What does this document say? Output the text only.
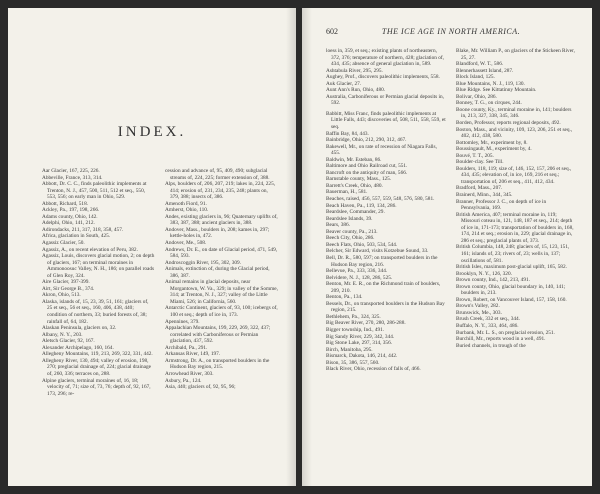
INDEX.

Aar Glacier, 167, 225, 226.

Abbeville, France, 313, 314.

Abbott, Dr. C. C., finds paleolithic implements at Trenton, N. J., 457, 500, 511, 512 et seq., 550, 553, 556; on early man in Ohio, 529.

Abbott, Richard, 518.

Ackley, Pa., 197, 198, 266.

Adams county, Ohio, 142.

Adelphi, Ohio, 141, 212.

Adirondacks, 211, 317, 318, 358, 457.

Africa, glaciation in South, 425.

Agassiz Glacier, 50.

Agassiz, A., on recent elevation of Peru, 382.

Agassiz, Louis, discovers glacial motion, 2; on depth of glaciers, 167; on terminal moraines in Ammonoosuc Valley, N. H., 186; on parallel roads of Glen Roy, 324.

Aire Glacier, 397-399.

Airt, Sir George B., 374.

Akron, Ohio, 513.

Alaska, islands of, 15, 23, 39, 51, 161; glaciers of, 25 et seq., 56 et seq., 160, 406, 438, 440; condition of northern, 33; buried forests of, 38; rainfall of, 64, 182.

Alaskan Peninsula, glaciers on, 32.

Albany, N. Y., 203.

Aletsch Glacier, 92, 167.

Alexander Archipelago, 160, 164.

Allegheny Mountains, 119, 213, 269, 322, 331, 442.

Allegheny River, 130, 494; valley of erosion, 198, 270; preglacial drainage of, 224; glacial drainage of, 260, 336; terraces on, 288.

Alpine glaciers, terminal moraines of, 16, 18; velocity of, 71; size of, 73, 76; depth of, 92, 167, 173, 296; re-

cession and advance of, 95, 409, 490; subglacial streams of, 224, 225; former extension of, 388.

Alps, boulders of, 206, 207, 219; lakes in, 224, 225, 414; erosion of, 231, 234, 235, 248; plants on, 379, 388; insects of, 386.

Amenoth Fiord, 91.

Amherst, Ohio, 110.

Andes, existing glaciers in, 96; Quaternary uplifts of, 383, 387, 388; ancient glaciers in, 388.

Andover, Mass., boulders in, 208; kames in, 297; kettle-holes in, 472.

Andover, Me., 508.

Andrews, Dr. E., on date of Glacial period, 471, 549, 584, 593.

Androscoggin River, 195, 302, 309.

Animals, extinction of, during the Glacial period, 386, 387.

Animal remains in glacial deposits, near Morgantown, W. Va., 329; in valley of the Somme, 314; at Trenton, N. J., 327; valley of the Little Miami, 526; in California, 560.

Antarctic Continent, glaciers of, 93, 100; icebergs of, 100 et seq.; depth of ice in, 173.

Apennines, 379.

Appalachian Mountains, 199, 229, 269, 322, 437; correlated with Carboniferous or Permian glaciation, 437, 592.

Archibald, Pa., 291.

Arkansas River, 149, 197.

Armstrong, Dr. A., on transported boulders in the Hudson Bay region, 215.

Arrowhead River, 303.

Asbury, Pa., 124.

Asia, 440; glaciers of, 92, 95, 96;

602	THE ICE AGE IN NORTH AMERICA.

loess in, 359, et seq.; existing plants of northeastern, 372, 376; temperature of northern, 428; glaciation of, 434, 435; absence of general glaciation in, 589.

Ashtabula River, 295, 295.

Aughey, Prof., discovers paleolithic implements, 558.

Auk Glacier, 27.

Aunt Ann's Run, Ohio, 480.

Australia, Carboniferous or Permian glacial deposits in, 592.

Babbitt, Miss Franc, finds paleolithic implements at Little Falls, 443; discoveries of, 508, 511, 558, 559, et seq.

Baffin Bay, 84, 443.

Bainbridge, Ohio, 212, 290, 312, 467.

Bakewell, Mr., on rate of recession of Niagara Falls, 455.

Baldwin, Mr. Esteban, 86.

Baltimore and Ohio Railroad cut, 551.

Bancroft on the antiquity of man, 566.

Barnstable county, Mass., 125.

Barrett's Creek, Ohio, 480.

Bauerman, H., 581.

Beaches, raised, 456, 557, 559, 548, 576, 580, 581.

Beach Haven, Pa., 119, 134, 286.

Beardslee, Commander, 29.

Beardslee Islands, 39.

Bears, 386.

Beaver county, Pa., 213.

Beech City, Ohio, 286.

Beech Flats, Ohio, 503, 534, 544.

Belcher, Sir Edward, visits Kotzebue Sound, 33.

Bell, Dr. R., 580, 597; on transported boulders in the Hudson Bay region, 216.

Bellevue, Pa., 333, 336, 344.

Belvidere, N. J., 128, 286, 525.

Benton, Mr. E. R., on the Richmond train of boulders, 209, 210.

Benton, Pa., 134.

Bessels, Dr., on transported boulders in the Hudson Bay region, 215.

Bethlehem, Pa., 324, 325.

Big Beaver River, 270, 280, 286-288.

Bigger township, Ind., 491.

Big Sandy River, 229, 342, 344.

Big Stone Lake, 297, 314, 356.

Birch, Manitoba, 295.

Bismarck, Dakota, 146, 214, 442.

Bison, 35, 386, 557, 560.

Black River, Ohio, recession of falls of, 466.

Blake, Mr. William P., on glaciers of the Stickeen River, 25, 27.

Blandford, W. T., 586.

Blennerhassett Island, 287.

Block Island, 125.

Blue Mountains, N. J., 119, 130.

Blue Ridge. See Kittatinny Mountain.

Bolivar, Ohio, 286.

Bonney, T. G., on cirques, 244.

Boone county, Ky., terminal moraine in, 141; boulders in, 213, 327, 338, 345, 346.

Borden, Professor, reports regional deposits, 492.

Boston, Mass., and vicinity, 109, 123, 206, 251 et seq., 402, 412, 438, 580.

Bottomley, Mr., experiment by, 8.

Boussingault, M., experiment by, 4.

Bouvé, T. T., 205.

Boulder-clay. See Till.

Boulders, 118, 119; size of, 146, 152, 157, 206 et seq., 434, 435; elevation of, in ice, 169, 216 et seq.; transportation of, 206 et seq., 411, 412, 434.

Bradford, Mass., 207.

Brainerd, Minn., 344, 345.

Branner, Professor J. C., on depth of ice in Pennsylvania, 169.

British America, 407; terminal moraine in, 119; Missouri coteau in, 121, 148, 187 et seq., 214; depth of ice in, 171-173; transportation of boulders in, 168, 174, 214 et seq.; erosion in, 229; glacial drainage in, 286 et seq.; preglacial plants of, 373.

British Columbia, 148, 248; glaciers of, 15, 123, 151, 161; islands of, 23; rivers of, 23; wells in, 137; oscillations of, 581.

British Isles, maximum post-glacial uplift, 165, 582.

Brooklyn, N. Y., 126, 320.

Brown county, Ind., 142, 213, 491.

Brown county, Ohio, glacial boundary in, 140, 141; boulders in, 213.

Brown, Robert, on Vancouver Island, 157, 158, 160.

Brown's Valley, 282.

Brunswick, Me., 303.

Brush Creek, 332 et seq., 344.

Buffalo, N. Y., 333, 464, 486.

Burbank, Mr. L. S., on preglacial erosion, 251.

Burchill, Mr., reports wood in a well, 491.

Buried channels, in trough of the
